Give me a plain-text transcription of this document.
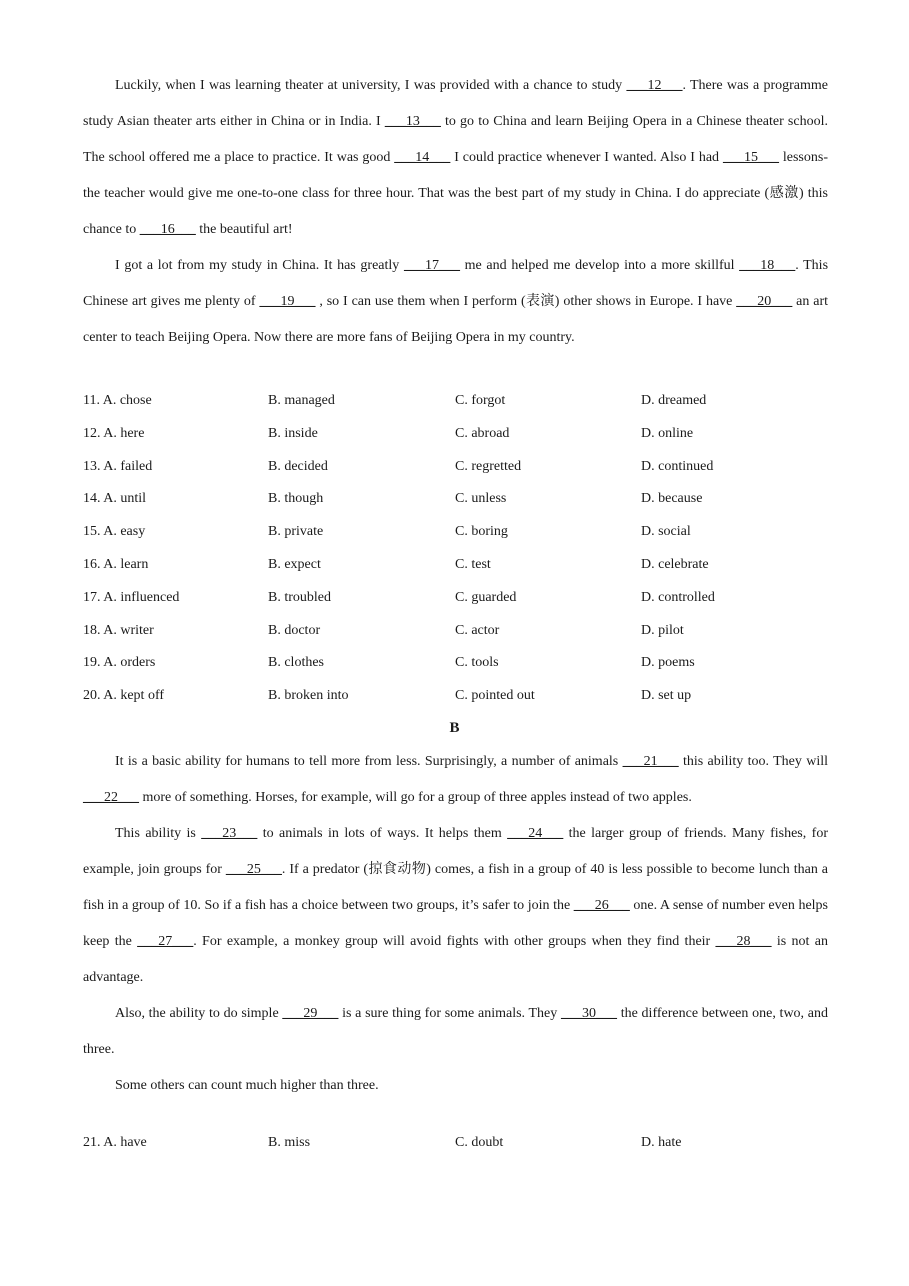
Luckily, when I was learning theater at university, I was provided with a chance to study ___12___. There was a programme study Asian theater arts either in China or in India. I ___13___ to go to China and learn Beijing Opera in a Chinese theater school. The school offered me a place to practice. It was good ___14___ I could practice whenever I wanted. Also I had ___15___ lessons-the teacher would give me one-to-one class for three hour. That was the best part of my study in China. I do appreciate (感激) this chance to ___16___ the beautiful art!

I got a lot from my study in China. It has greatly ___17___ me and helped me develop into a more skillful ___18___. This Chinese art gives me plenty of ___19___ , so I can use them when I perform (表演) other shows in Europe. I have ___20___ an art center to teach Beijing Opera. Now there are more fans of Beijing Opera in my country.

11. A. chose	B. managed	C. forgot	D. dreamed
12. A. here	B. inside	C. abroad	D. online
13. A. failed	B. decided	C. regretted	D. continued
14. A. until	B. though	C. unless	D. because
15. A. easy	B. private	C. boring	D. social
16. A. learn	B. expect	C. test	D. celebrate
17. A. influenced	B. troubled	C. guarded	D. controlled
18. A. writer	B. doctor	C. actor	D. pilot
19. A. orders	B. clothes	C. tools	D. poems
20. A. kept off	B. broken into	C. pointed out	D. set up
B

It is a basic ability for humans to tell more from less. Surprisingly, a number of animals ___21___ this ability too. They will ___22___ more of something. Horses, for example, will go for a group of three apples instead of two apples.

This ability is ___23___ to animals in lots of ways. It helps them ___24___ the larger group of friends. Many fishes, for example, join groups for ___25___. If a predator (掠食动物) comes, a fish in a group of 40 is less possible to become lunch than a fish in a group of 10. So if a fish has a choice between two groups, it’s safer to join the ___26___ one. A sense of number even helps keep the ___27___. For example, a monkey group will avoid fights with other groups when they find their ___28___ is not an advantage.

Also, the ability to do simple ___29___ is a sure thing for some animals. They ___30___ the difference between one, two, and three.

Some others can count much higher than three.

21. A. have	B. miss	C. doubt	D. hate
